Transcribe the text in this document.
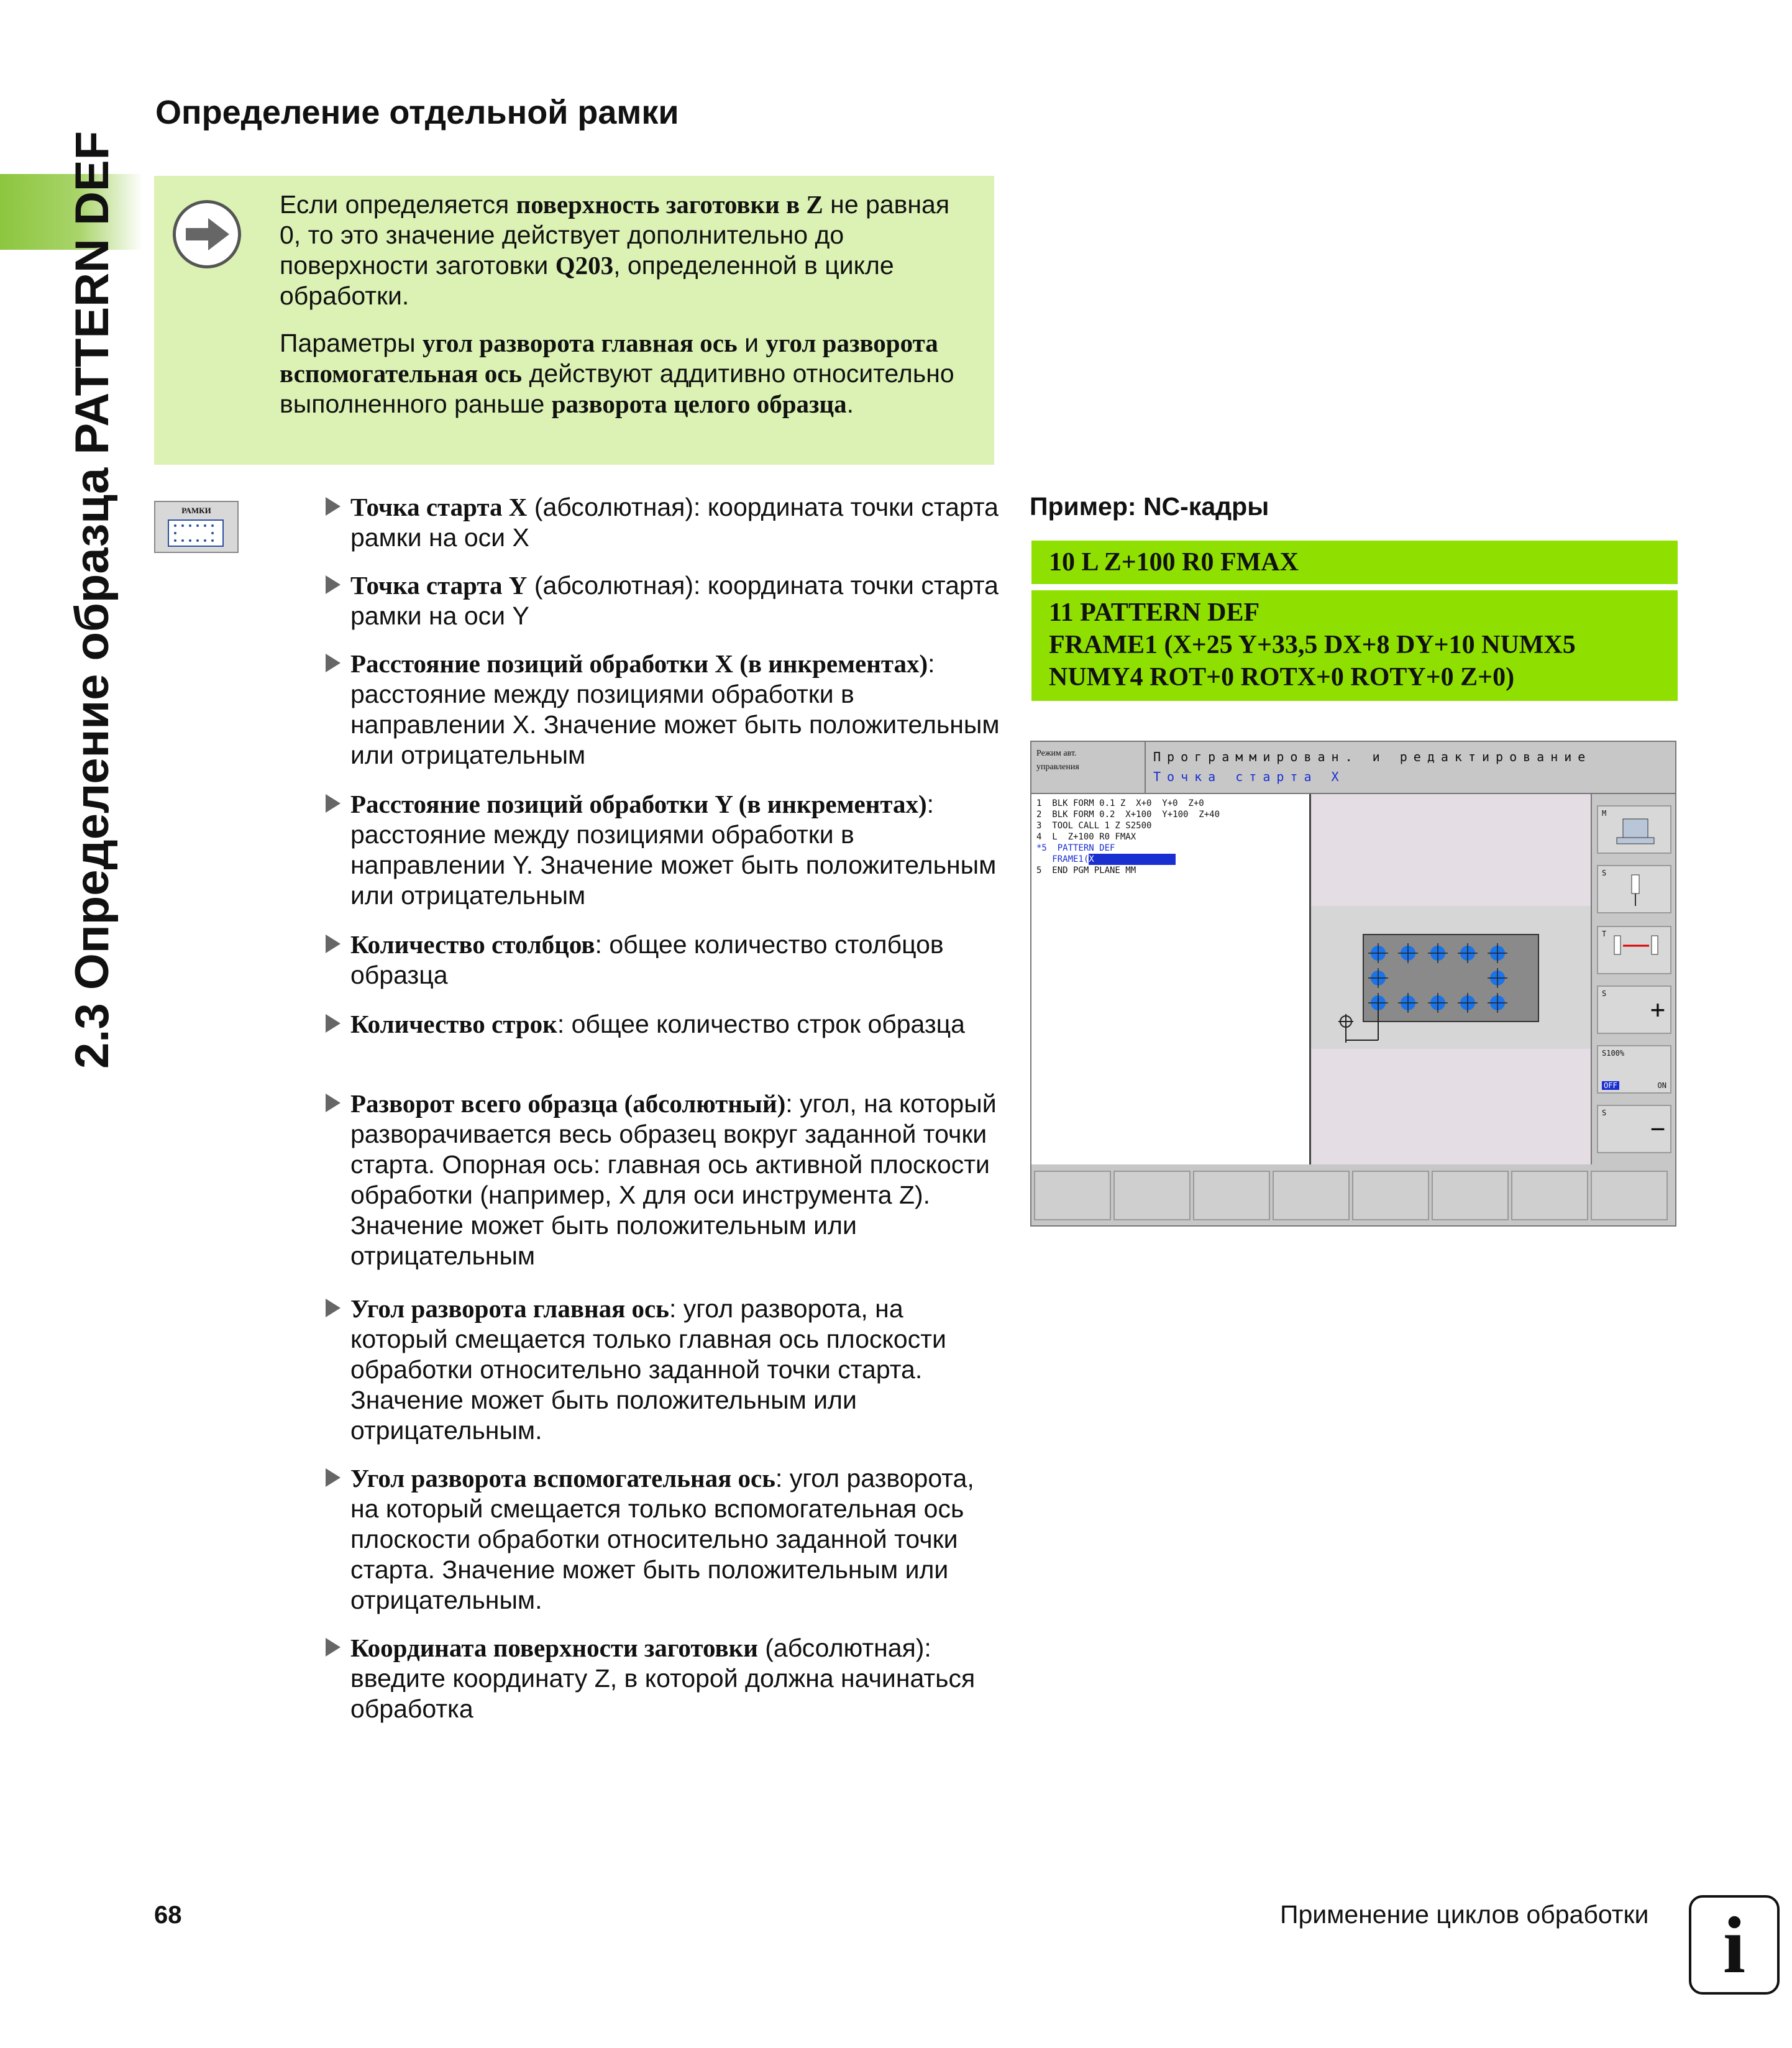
2.3 Определение образца PATTERN DEF
Определение отдельной рамки
Если определяется поверхность заготовки в Z не равная 0, то это значение действует дополнительно до поверхности заготовки Q203, определенной в цикле обработки.
Параметры угол разворота главная ось и угол разворота вспомогательная ось действуют аддитивно относительно выполненного раньше разворота целого образца.
РАМКИ	Точка старта X (абсолютная): координата точки старта рамки на оси X
Точка старта Y (абсолютная): координата точки старта рамки на оси Y
Расстояние позиций обработки X (в инкрементах): расстояние между позициями обработки в направлении X. Значение может быть положительным или отрицательным
Расстояние позиций обработки Y (в инкрементах): расстояние между позициями обработки в направлении Y. Значение может быть положительным или отрицательным
Количество столбцов: общее количество столбцов образца
Количество строк: общее количество строк образца
Разворот всего образца (абсолютный): угол, на который разворачивается весь образец вокруг заданной точки старта. Опорная ось: главная ось активной плоскости обработки (например, X для оси инструмента Z). Значение может быть положительным или отрицательным
Угол разворота главная ось: угол разворота, на который смещается только главная ось плоскости обработки относительно заданной точки старта. Значение может быть положительным или отрицательным.
Угол разворота вспомогательная ось: угол разворота, на который смещается только вспомогательная ось плоскости обработки относительно заданной точки старта. Значение может быть положительным или отрицательным.
Координата поверхности заготовки (абсолютная): введите координату Z, в которой должна начинаться обработка
Пример: NC-кадры
10 L Z+100 R0 FMAX
11 PATTERN DEF
FRAME1 (X+25 Y+33,5 DX+8 DY+10 NUMX5
NUMY4 ROT+0 ROTX+0 ROTY+0 Z+0)
Режим авт.
управления
Программирован. и редактирование
Точка старта X
1  BLK FORM 0.1 Z  X+0  Y+0  Z+0
2  BLK FORM 0.2  X+100  Y+100  Z+40
3  TOOL CALL 1 Z S2500
4  L  Z+100 R0 FMAX
*5  PATTERN DEF
FRAME1(X
5  END PGM PLANE MM
M
S
T
S
+
S100%
OFF	ON
S
−
68	Применение циклов обработки i
